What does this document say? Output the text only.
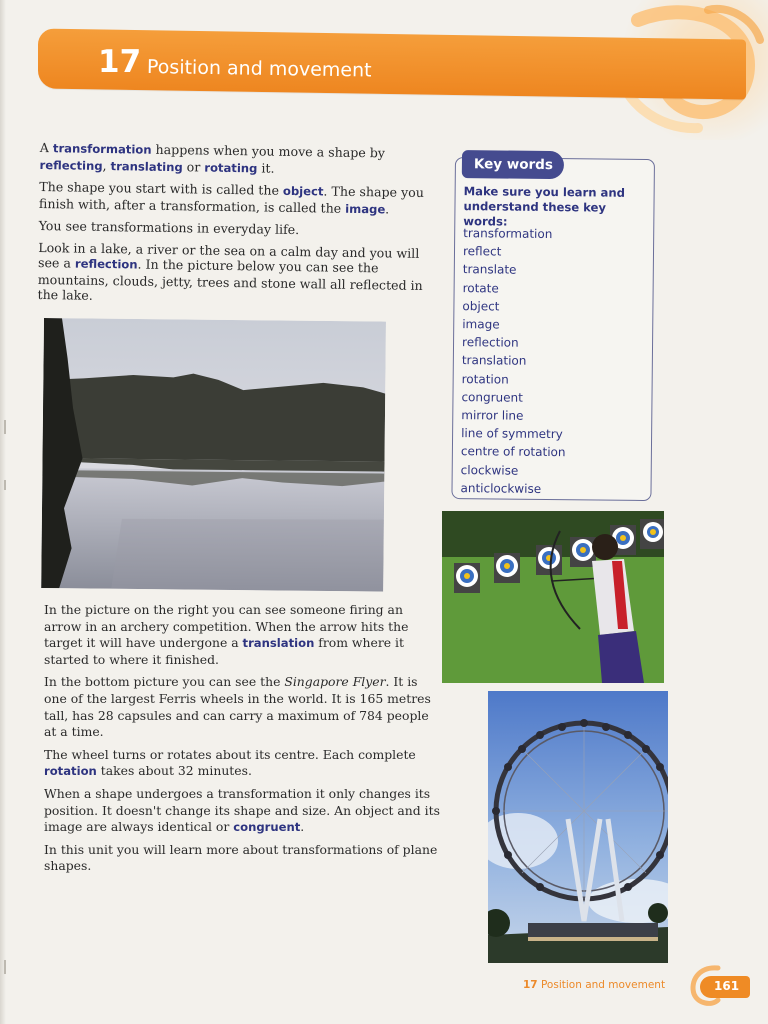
17 Position and movement

A transformation happens when you move a shape by reflecting, translating or rotating it.

The shape you start with is called the object. The shape you finish with, after a transformation, is called the image.

You see transformations in everyday life.

Look in a lake, a river or the sea on a calm day and you will see a reflection. In the picture below you can see the mountains, clouds, jetty, trees and stone wall all reflected in the lake.

Key words
Make sure you learn and understand these key words:
transformation
reflect
translate
rotate
object
image
reflection
translation
rotation
congruent
mirror line
line of symmetry
centre of rotation
clockwise
anticlockwise

In the picture on the right you can see someone firing an arrow in an archery competition. When the arrow hits the target it will have undergone a translation from where it started to where it finished.

In the bottom picture you can see the Singapore Flyer. It is one of the largest Ferris wheels in the world. It is 165 metres tall, has 28 capsules and can carry a maximum of 784 people at a time.

The wheel turns or rotates about its centre. Each complete rotation takes about 32 minutes.

When a shape undergoes a transformation it only changes its position. It doesn't change its shape and size. An object and its image are always identical or congruent.

In this unit you will learn more about transformations of plane shapes.

17 Position and movement	161
